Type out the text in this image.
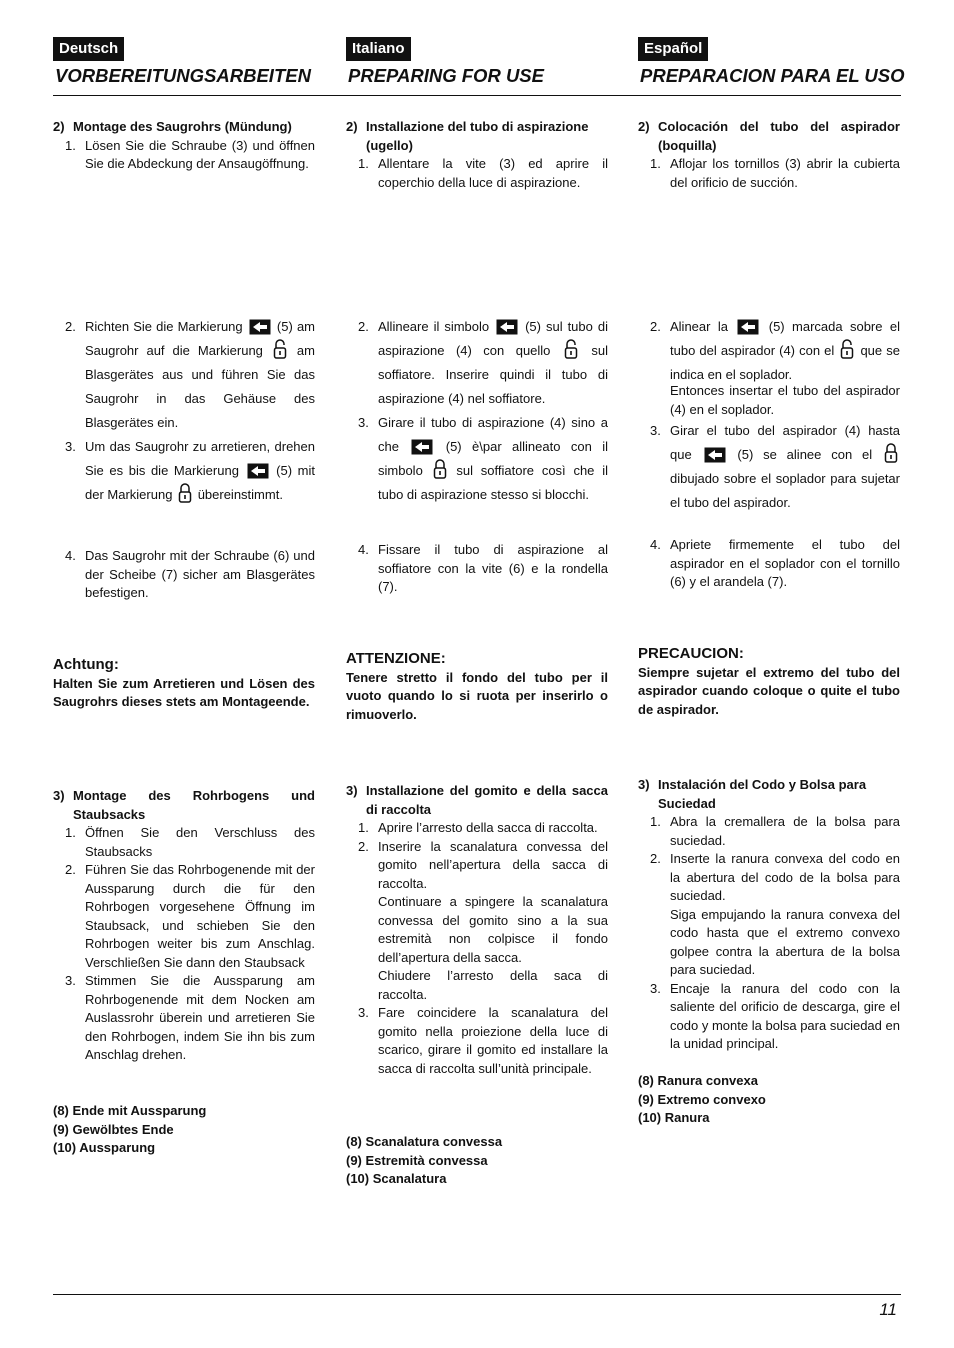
Deutsch
VORBEREITUNGSARBEITEN
2) Montage des Saugrohrs (Mündung)
1. Lösen Sie die Schraube (3) und öffnen Sie die Abdeckung der Ansaugöffnung.
2. Richten Sie die Markierung	(5) am Saugrohr auf die Markierung	am Blasgerätes aus und führen Sie das Saugrohr in das Gehäuse des Blasgerätes ein.
3. Um das Saugrohr zu arretieren, drehen Sie es bis die Markierung	(5) mit der Markierung übereinstimmt.
4. Das Saugrohr mit der Schraube (6) und der Scheibe (7) sicher am Blasgerätes befestigen.
Achtung:
Halten Sie zum Arretieren und Lösen des Saugrohrs dieses stets am Montageende.
3) Montage des Rohrbogens und Staubsacks
1. Öffnen Sie den Verschluss des Staubsacks
2. Führen Sie das Rohrbogenende mit der Aussparung durch die für den Rohrbogen vorgesehene Öffnung im Staubsack, und schieben Sie den Rohrbogen weiter bis zum Anschlag. Verschließen Sie dann den Staubsack
3. Stimmen Sie die Aussparung am Rohrbogenende mit dem Nocken am Auslassrohr überein und arretieren Sie den Rohrbogen, indem Sie ihn bis zum Anschlag drehen.
(8) Ende mit Aussparung
(9) Gewölbtes Ende
(10) Aussparung
Italiano
PREPARING FOR USE
2) Installazione del tubo di aspirazione (ugello)
1. Allentare la vite (3) ed aprire il coperchio della luce di aspirazione.
2. Allineare il simbolo	(5) sul tubo di aspirazione (4) con quello	sul soffiatore. Inserire quindi il tubo di aspirazione (4) nel soffiatore.
3. Girare il tubo di aspirazione (4) sino a che	(5) è\par allineato con il simbolo	sul soffiatore così che il tubo di aspirazione stesso si blocchi.
4. Fissare il tubo di aspirazione al soffiatore con la vite (6) e la rondella (7).
ATTENZIONE:
Tenere stretto il fondo del tubo per il vuoto quando lo si ruota per inserirlo o rimuoverlo.
3) Installazione del gomito e della sacca di raccolta
1. Aprire l’arresto della sacca di raccolta.
2. Inserire la scanalatura convessa del gomito nell’apertura della sacca di raccolta.
Continuare a spingere la scanalatura convessa del gomito sino a la sua estremità non colpisce il fondo dell’apertura della sacca.
Chiudere l’arresto della saca di raccolta.
3. Fare coincidere la scanalatura del gomito nella proiezione della luce di scarico, girare il gomito ed installare la sacca di raccolta sull’unità principale.
(8) Scanalatura convessa
(9) Estremità convessa
(10) Scanalatura
Español
PREPARACION PARA EL USO
2) Colocación del tubo del aspirador (boquilla)
1. Aflojar los tornillos (3) abrir la cubierta del orificio de succión.
2. Alinear la	(5) marcada sobre el tubo del aspirador (4) con el que se indica en el soplador.
Entonces insertar el tubo del aspirador (4) en el soplador.
3. Girar el tubo del aspirador (4) hasta que	(5) se alinee con el  dibujado sobre el soplador para sujetar el tubo del aspirador.
4. Apriete firmemente el tubo del aspirador en el soplador con el tornillo (6) y el arandela (7).
PRECAUCION:
Siempre sujetar el extremo del tubo del aspirador cuando coloque o quite el tubo de aspirador.
3) Instalación del Codo y Bolsa para Suciedad
1. Abra la cremallera de la bolsa para suciedad.
2. Inserte la ranura convexa del codo en la abertura del codo de la bolsa para suciedad.
Siga empujando la ranura convexa del codo hasta que el extremo convexo golpee contra la abertura de la bolsa para suciedad.
3. Encaje la ranura del codo con la saliente del orificio de descarga, gire el codo y monte la bolsa para suciedad en la unidad principal.
(8) Ranura convexa
(9) Extremo convexo
(10) Ranura
11
